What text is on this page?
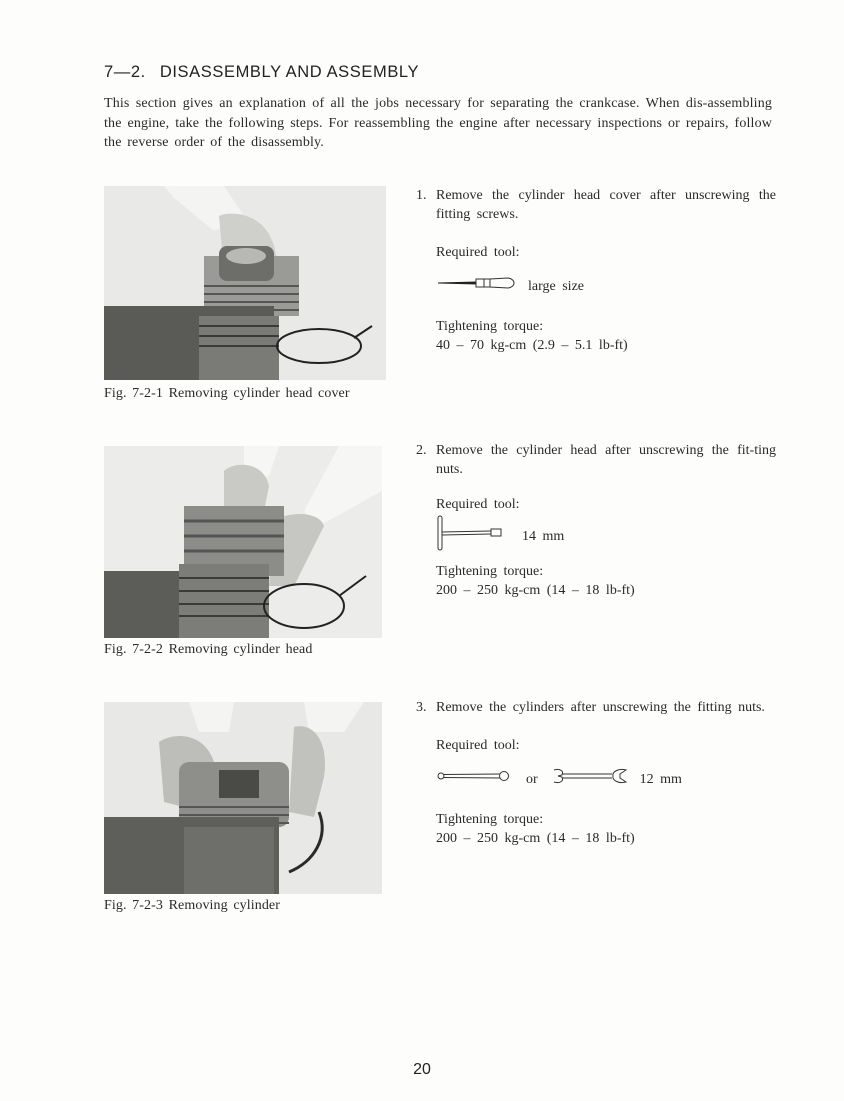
7—2. DISASSEMBLY AND ASSEMBLY
This section gives an explanation of all the jobs necessary for separating the crankcase. When dis-assembling the engine, take the following steps. For reassembling the engine after necessary inspections or repairs, follow the reverse order of the disassembly.
Fig. 7-2-1 Removing cylinder head cover
Fig. 7-2-2 Removing cylinder head
Fig. 7-2-3 Removing cylinder
1. Remove the cylinder head cover after unscrewing the fitting screws.
Required tool:
large size
Tightening torque:
40 – 70 kg-cm (2.9 – 5.1 lb-ft)
2. Remove the cylinder head after unscrewing the fit-ting nuts.
Required tool:
14 mm
Tightening torque:
200 – 250 kg-cm (14 – 18 lb-ft)
3. Remove the cylinders after unscrewing the fitting nuts.
Required tool:
or	12 mm
Tightening torque:
200 – 250 kg-cm (14 – 18 lb-ft)
20
